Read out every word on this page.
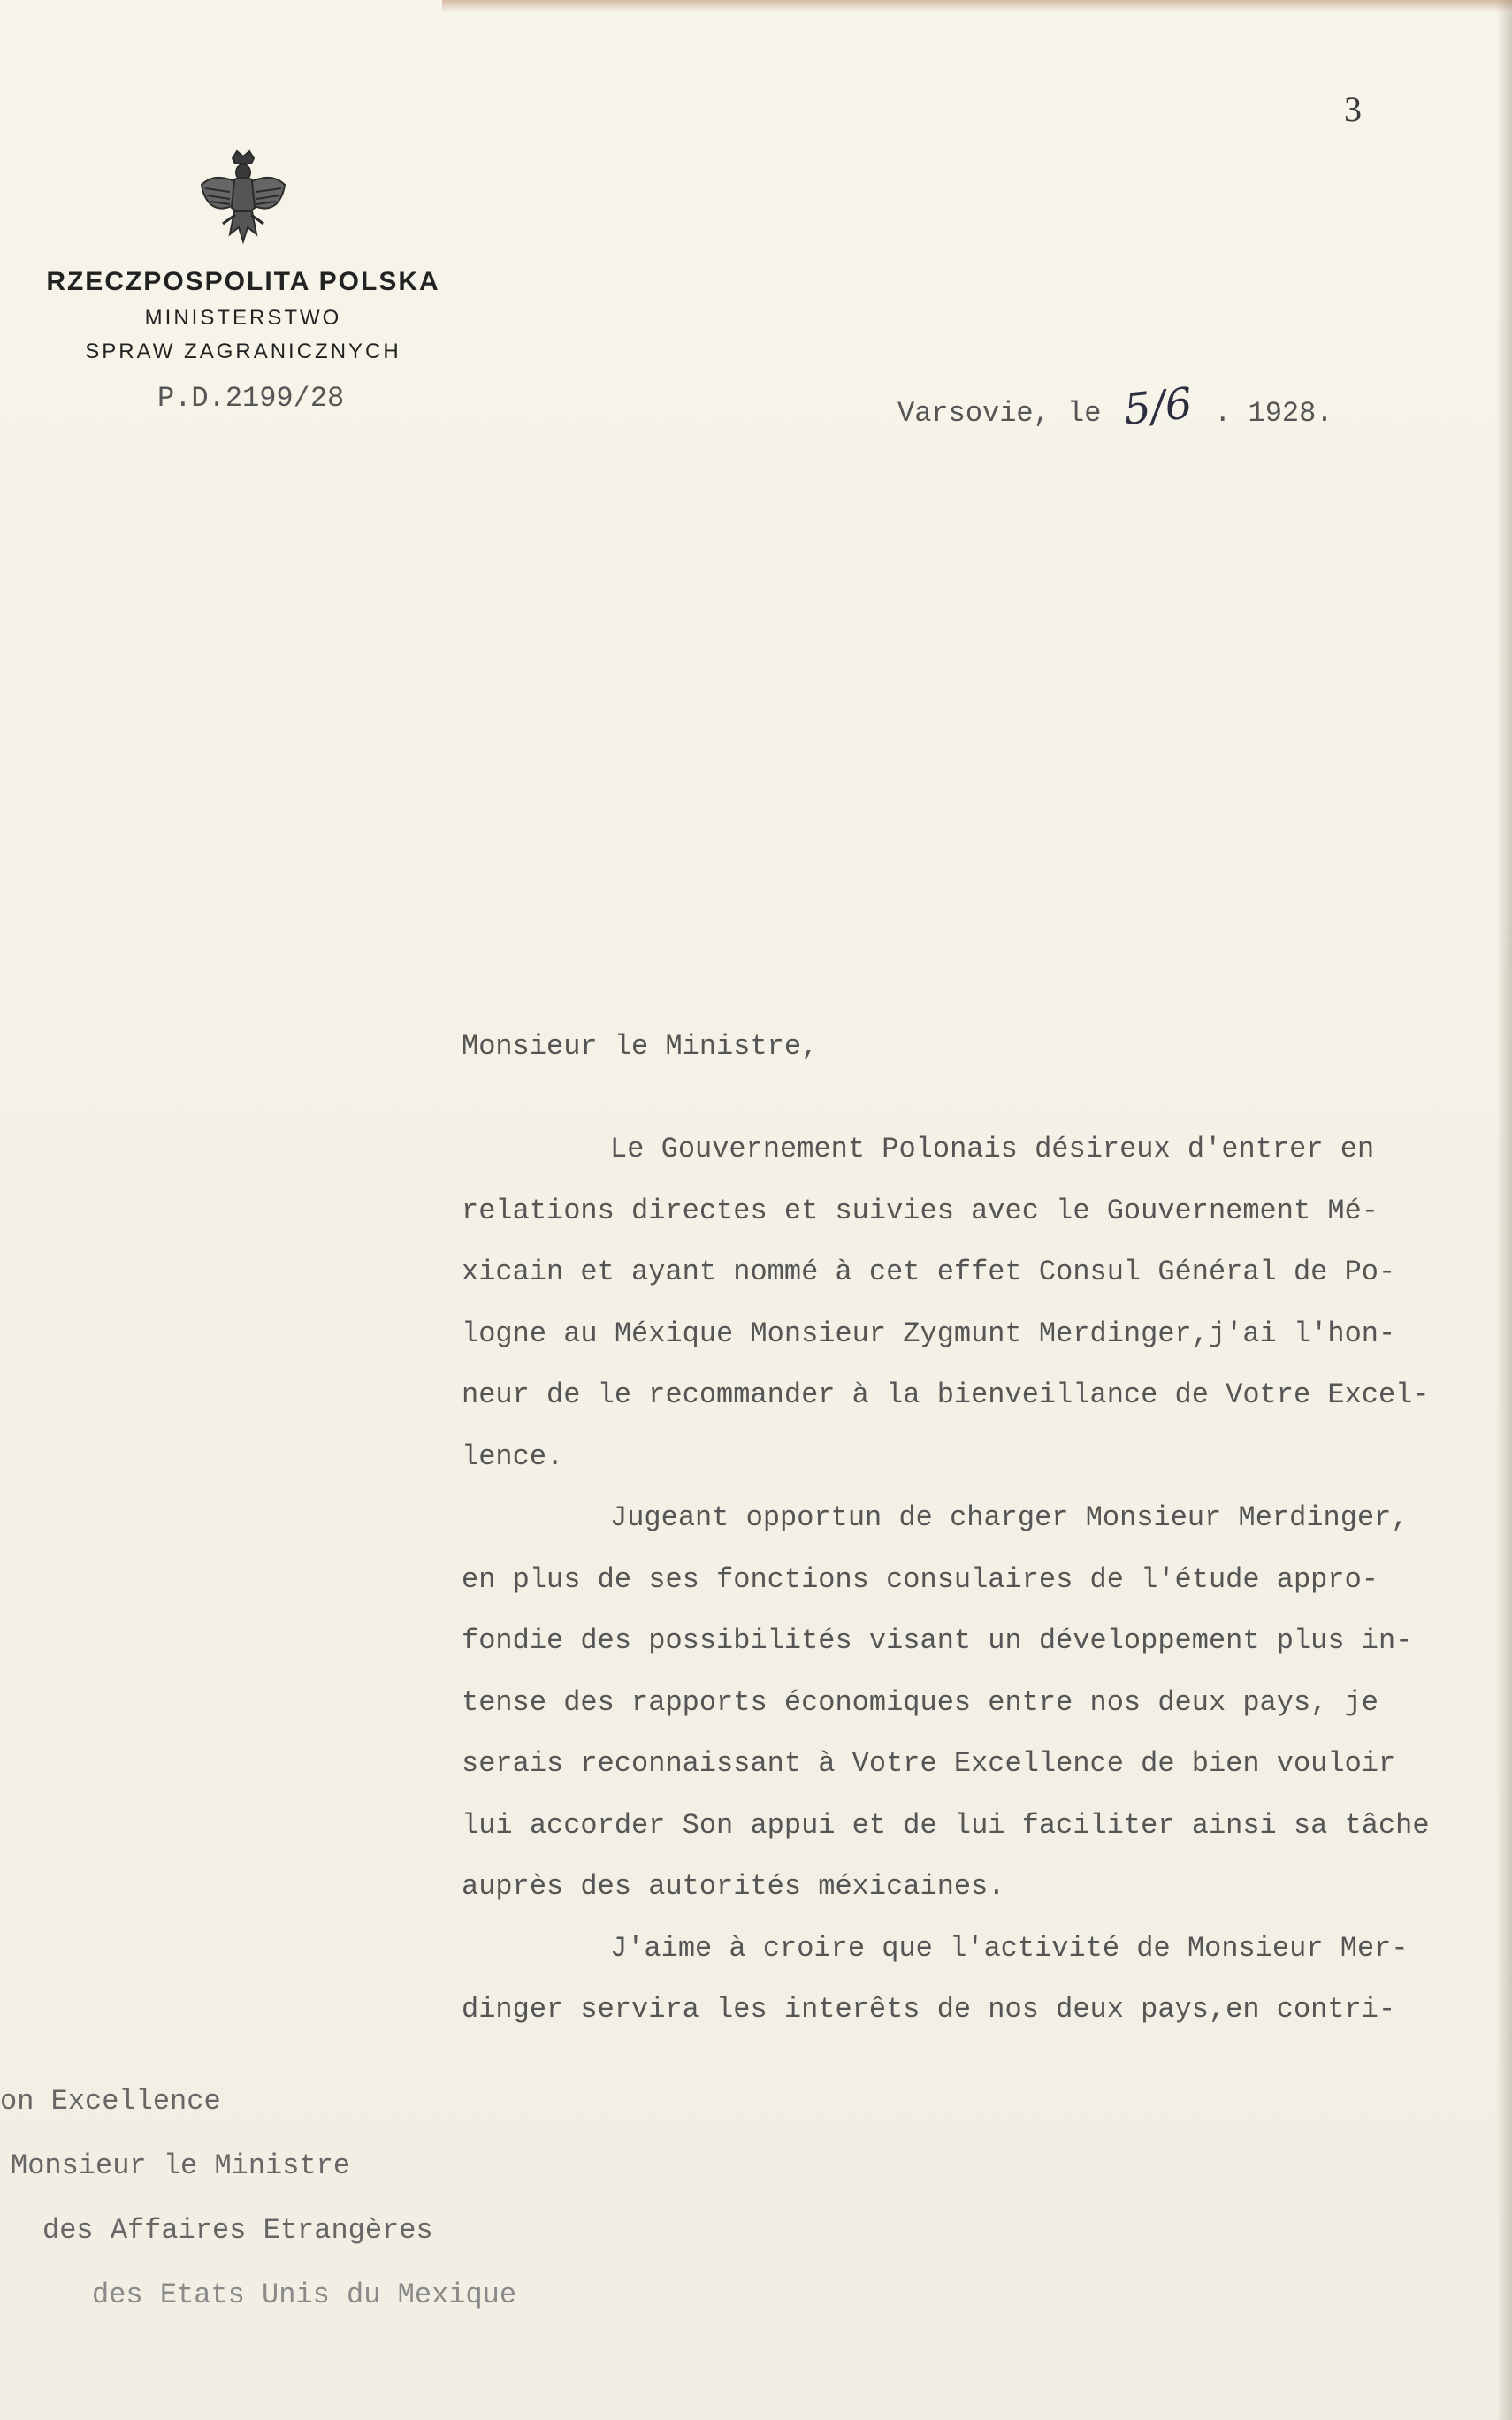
3
RZECZPOSPOLITA POLSKA
MINISTERSTWO
SPRAW ZAGRANICZNYCH
P.D.2199/28	Varsovie, le 5/6 . 1928.
Monsieur le Ministre,
Le Gouvernement Polonais désireux d'entrer en
relations directes et suivies avec le Gouvernement Mé-
xicain et ayant nommé à cet effet Consul Général de Po-
logne au Méxique Monsieur Zygmunt Merdinger,j'ai l'hon-
neur de le recommander à la bienveillance de Votre Excel-
lence.
Jugeant opportun de charger Monsieur Merdinger,
en plus de ses fonctions consulaires de l'étude appro-
fondie des possibilités visant un développement plus in-
tense des rapports économiques entre nos deux pays, je
serais reconnaissant à Votre Excellence de bien vouloir
lui accorder Son appui et de lui faciliter ainsi sa tâche
auprès des autorités méxicaines.
J'aime à croire que l'activité de Monsieur Mer-
dinger servira les interêts de nos deux pays,en contri-
on Excellence
Monsieur le Ministre
des Affaires Etrangères
des Etats Unis du Mexique
